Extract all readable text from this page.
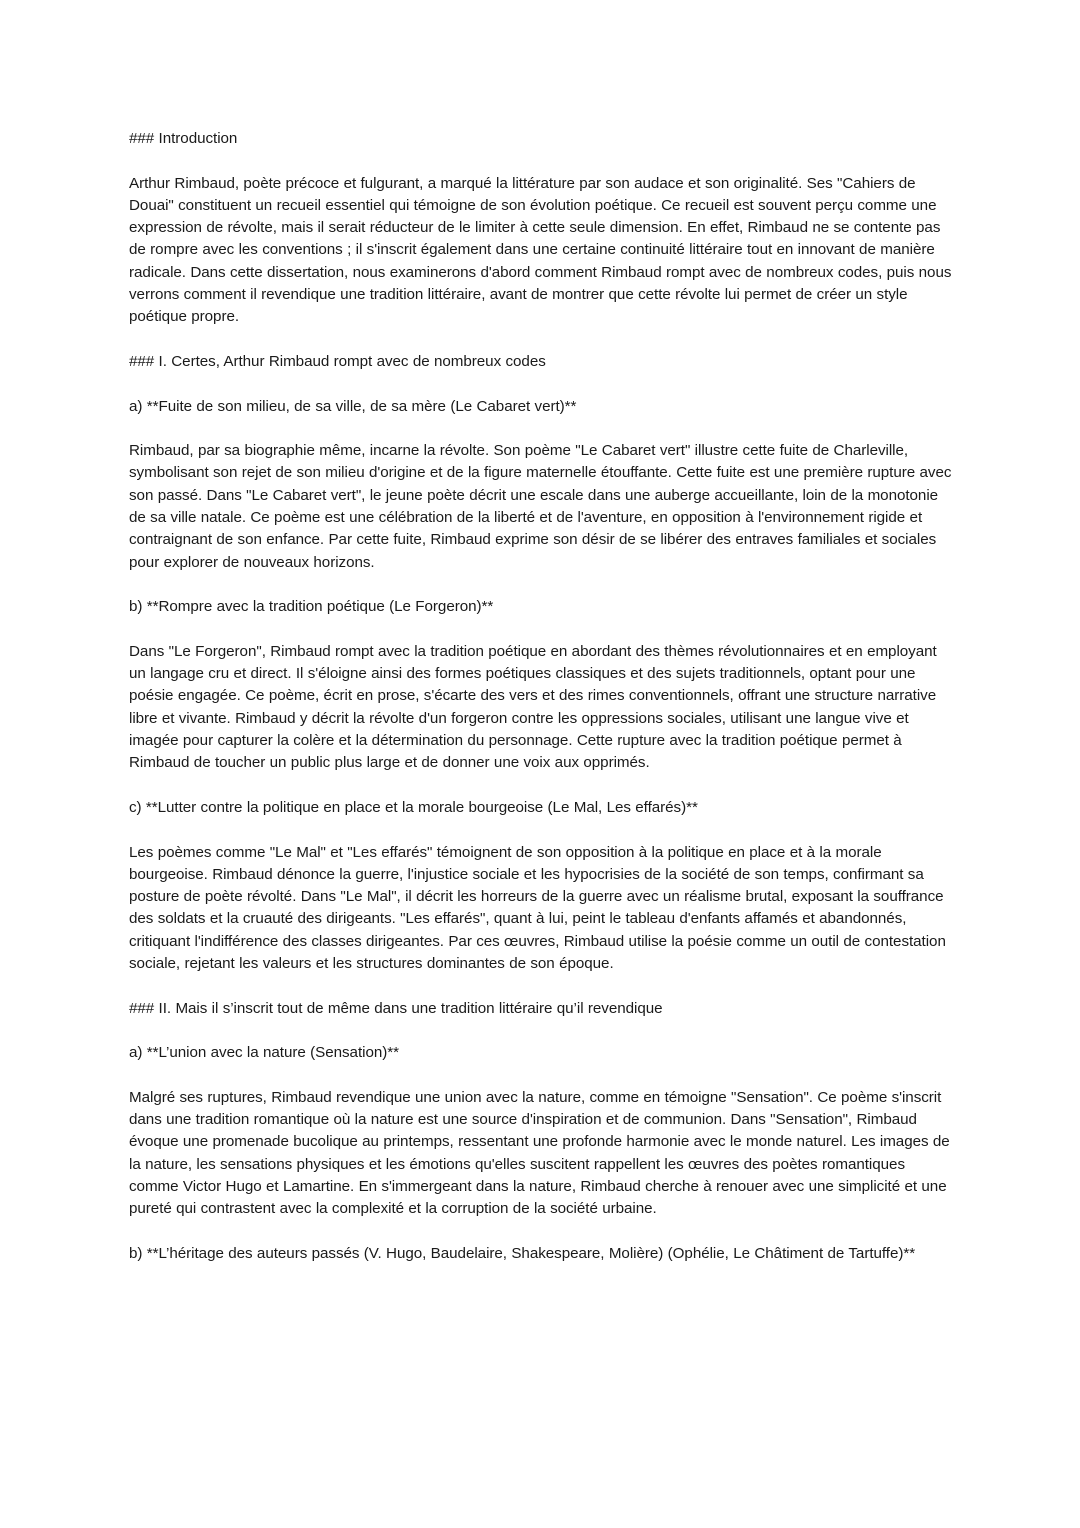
### Introduction

Arthur Rimbaud, poète précoce et fulgurant, a marqué la littérature par son audace et son originalité. Ses "Cahiers de Douai" constituent un recueil essentiel qui témoigne de son évolution poétique. Ce recueil est souvent perçu comme une expression de révolte, mais il serait réducteur de le limiter à cette seule dimension. En effet, Rimbaud ne se contente pas de rompre avec les conventions ; il s'inscrit également dans une certaine continuité littéraire tout en innovant de manière radicale. Dans cette dissertation, nous examinerons d'abord comment Rimbaud rompt avec de nombreux codes, puis nous verrons comment il revendique une tradition littéraire, avant de montrer que cette révolte lui permet de créer un style poétique propre.

### I. Certes, Arthur Rimbaud rompt avec de nombreux codes

a) **Fuite de son milieu, de sa ville, de sa mère (Le Cabaret vert)**

Rimbaud, par sa biographie même, incarne la révolte. Son poème "Le Cabaret vert" illustre cette fuite de Charleville, symbolisant son rejet de son milieu d'origine et de la figure maternelle étouffante. Cette fuite est une première rupture avec son passé. Dans "Le Cabaret vert", le jeune poète décrit une escale dans une auberge accueillante, loin de la monotonie de sa ville natale. Ce poème est une célébration de la liberté et de l'aventure, en opposition à l'environnement rigide et contraignant de son enfance. Par cette fuite, Rimbaud exprime son désir de se libérer des entraves familiales et sociales pour explorer de nouveaux horizons.

b) **Rompre avec la tradition poétique (Le Forgeron)**

Dans "Le Forgeron", Rimbaud rompt avec la tradition poétique en abordant des thèmes révolutionnaires et en employant un langage cru et direct. Il s'éloigne ainsi des formes poétiques classiques et des sujets traditionnels, optant pour une poésie engagée. Ce poème, écrit en prose, s'écarte des vers et des rimes conventionnels, offrant une structure narrative libre et vivante. Rimbaud y décrit la révolte d'un forgeron contre les oppressions sociales, utilisant une langue vive et imagée pour capturer la colère et la détermination du personnage. Cette rupture avec la tradition poétique permet à Rimbaud de toucher un public plus large et de donner une voix aux opprimés.

c) **Lutter contre la politique en place et la morale bourgeoise (Le Mal, Les effarés)**

Les poèmes comme "Le Mal" et "Les effarés" témoignent de son opposition à la politique en place et à la morale bourgeoise. Rimbaud dénonce la guerre, l'injustice sociale et les hypocrisies de la société de son temps, confirmant sa posture de poète révolté. Dans "Le Mal", il décrit les horreurs de la guerre avec un réalisme brutal, exposant la souffrance des soldats et la cruauté des dirigeants. "Les effarés", quant à lui, peint le tableau d'enfants affamés et abandonnés, critiquant l'indifférence des classes dirigeantes. Par ces œuvres, Rimbaud utilise la poésie comme un outil de contestation sociale, rejetant les valeurs et les structures dominantes de son époque.

### II. Mais il s’inscrit tout de même dans une tradition littéraire qu’il revendique

a) **L’union avec la nature (Sensation)**

Malgré ses ruptures, Rimbaud revendique une union avec la nature, comme en témoigne "Sensation". Ce poème s'inscrit dans une tradition romantique où la nature est une source d'inspiration et de communion. Dans "Sensation", Rimbaud évoque une promenade bucolique au printemps, ressentant une profonde harmonie avec le monde naturel. Les images de la nature, les sensations physiques et les émotions qu'elles suscitent rappellent les œuvres des poètes romantiques comme Victor Hugo et Lamartine. En s'immergeant dans la nature, Rimbaud cherche à renouer avec une simplicité et une pureté qui contrastent avec la complexité et la corruption de la société urbaine.

b) **L’héritage des auteurs passés (V. Hugo, Baudelaire, Shakespeare, Molière) (Ophélie, Le Châtiment de Tartuffe)**
